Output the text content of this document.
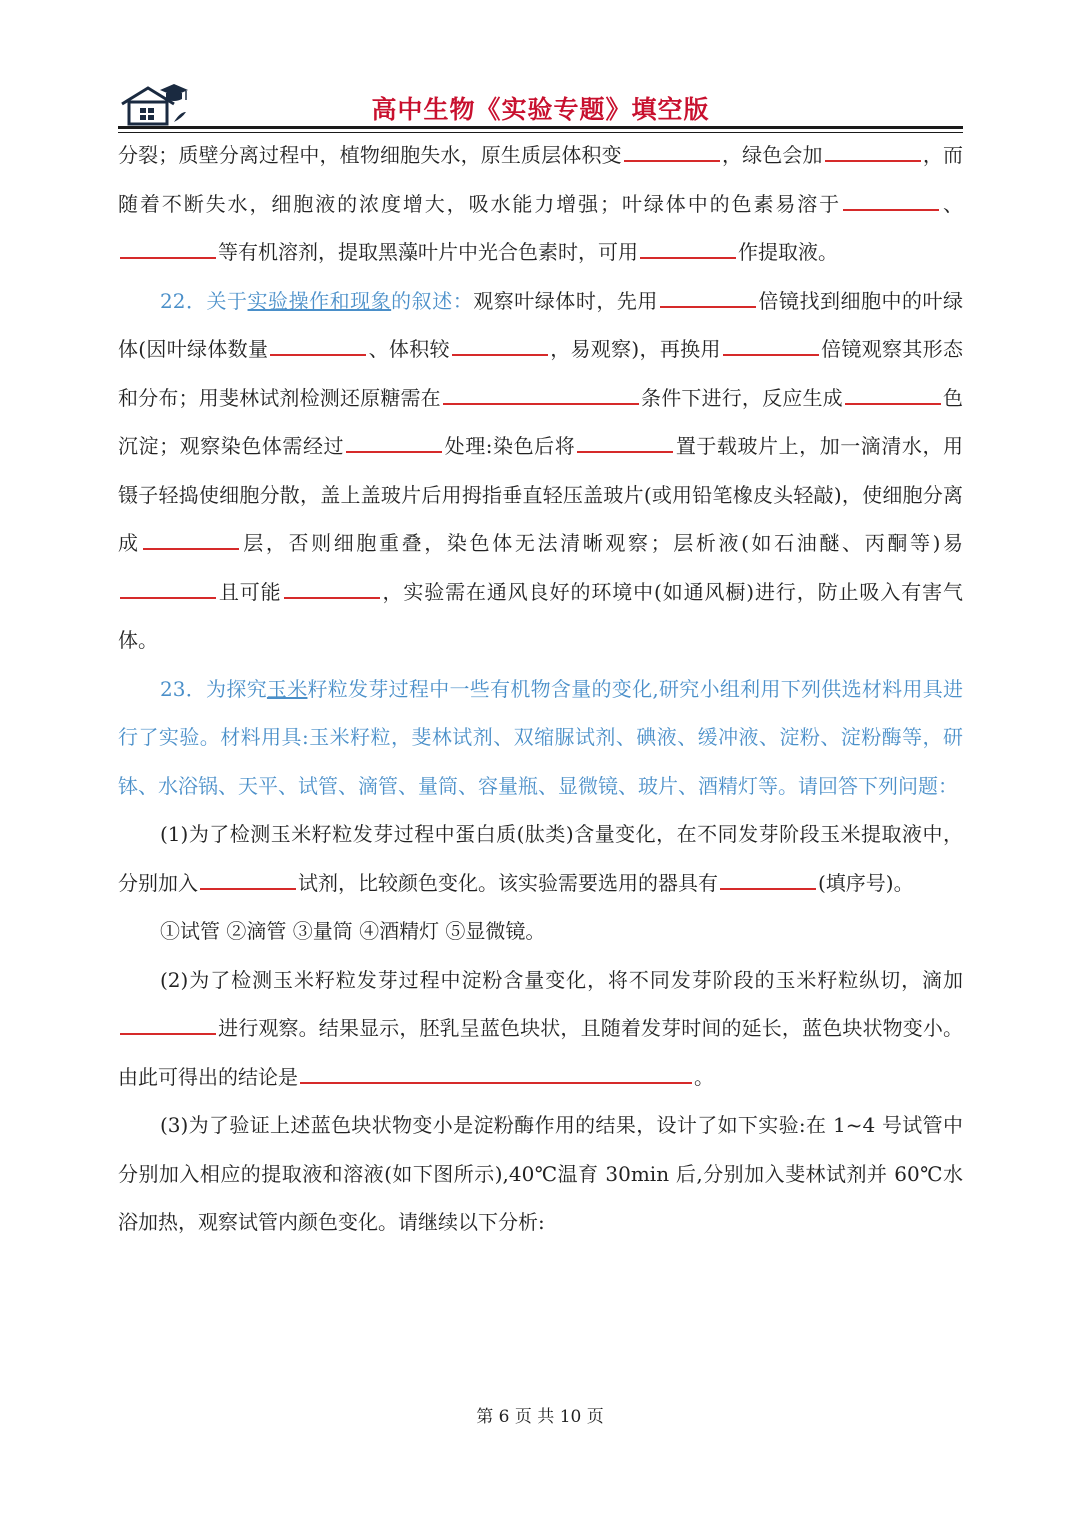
高中生物《实验专题》填空版

分裂；质壁分离过程中，植物细胞失水，原生质层体积变	，绿色会加	，而随着不断失水，细胞液的浓度增大，吸水能力增强；叶绿体中的色素易溶于	、等有机溶剂，提取黑藻叶片中光合色素时，可用	作提取液。

22．关于实验操作和现象的叙述：观察叶绿体时，先用	倍镜找到细胞中的叶绿体(因叶绿体数量	、体积较	，易观察)，再换用	倍镜观察其形态和分布；用斐林试剂检测还原糖需在	条件下进行，反应生成	色沉淀；观察染色体需经过	处理:染色后将	置于载玻片上，加一滴清水，用镊子轻捣使细胞分散，盖上盖玻片后用拇指垂直轻压盖玻片(或用铅笔橡皮头轻敲)，使细胞分离成	层，否则细胞重叠，染色体无法清晰观察；层析液(如石油醚、丙酮等)易且可能	，实验需在通风良好的环境中(如通风橱)进行，防止吸入有害气体。

23．为探究玉米籽粒发芽过程中一些有机物含量的变化,研究小组利用下列供选材料用具进行了实验。材料用具:玉米籽粒，斐林试剂、双缩脲试剂、碘液、缓冲液、淀粉、淀粉酶等，研钵、水浴锅、天平、试管、滴管、量筒、容量瓶、显微镜、玻片、酒精灯等。请回答下列问题：

(1)为了检测玉米籽粒发芽过程中蛋白质(肽类)含量变化，在不同发芽阶段玉米提取液中，分别加入	试剂，比较颜色变化。该实验需要选用的器具有	(填序号)。

①试管 ②滴管 ③量筒 ④酒精灯 ⑤显微镜。

(2)为了检测玉米籽粒发芽过程中淀粉含量变化，将不同发芽阶段的玉米籽粒纵切，滴加进行观察。结果显示，胚乳呈蓝色块状，且随着发芽时间的延长，蓝色块状物变小。由此可得出的结论是	。

(3)为了验证上述蓝色块状物变小是淀粉酶作用的结果，设计了如下实验:在 1~4 号试管中分别加入相应的提取液和溶液(如下图所示),40℃温育 30min 后,分别加入斐林试剂并 60℃水浴加热，观察试管内颜色变化。请继续以下分析:

第 6 页 共 10 页
